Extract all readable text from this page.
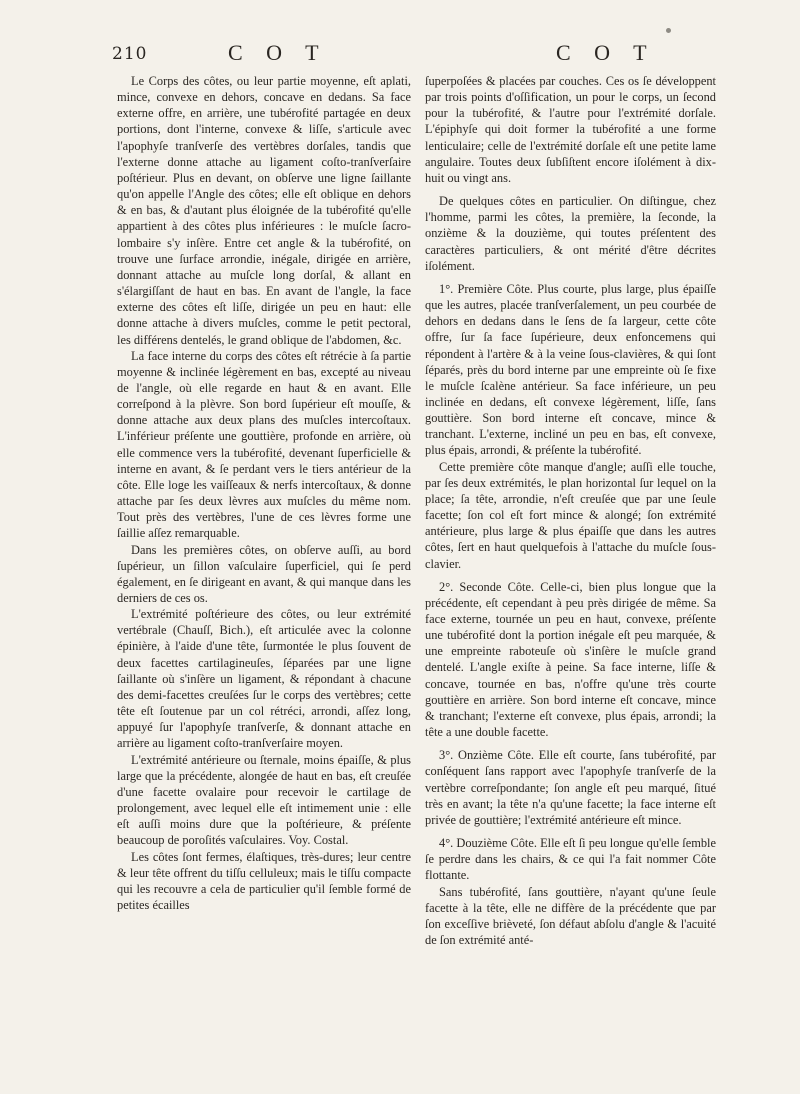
210	C O T	C O T

Le Corps des côtes, ou leur partie moyenne, eſt aplati, mince, convexe en dehors, concave en dedans. Sa face externe offre, en arrière, une tubérofité partagée en deux portions, dont l'interne, convexe & liſſe, s'articule avec l'apophyſe tranſverſe des vertèbres dorſales, tandis que l'externe donne attache au ligament coſto-tranſverſaire poſtérieur. Plus en devant, on obſerve une ligne ſaillante qu'on appelle l'Angle des côtes; elle eſt oblique en dehors & en bas, & d'autant plus éloignée de la tubérofité qu'elle appartient à des côtes plus inférieures : le muſcle ſacro-lombaire s'y inſère. Entre cet angle & la tubérofité, on trouve une ſurface arrondie, inégale, dirigée en arrière, donnant attache au muſcle long dorſal, & allant en s'élargiſſant de haut en bas. En avant de l'angle, la face externe des côtes eſt liſſe, dirigée un peu en haut: elle donne attache à divers muſcles, comme le petit pectoral, les différens dentelés, le grand oblique de l'abdomen, &c.

La face interne du corps des côtes eſt rétrécie à ſa partie moyenne & inclinée légèrement en bas, excepté au niveau de l'angle, où elle regarde en haut & en avant. Elle correſpond à la plèvre. Son bord ſupérieur eſt mouſſe, & donne attache aux deux plans des muſcles intercoſtaux. L'inférieur préſente une gouttière, profonde en arrière, où elle commence vers la tubérofité, devenant ſuperficielle & interne en avant, & ſe perdant vers le tiers antérieur de la côte. Elle loge les vaiſſeaux & nerfs intercoſtaux, & donne attache par ſes deux lèvres aux muſcles du même nom. Tout près des vertèbres, l'une de ces lèvres forme une ſaillie aſſez remarquable.

Dans les premières côtes, on obſerve auſſi, au bord ſupérieur, un ſillon vaſculaire ſuperficiel, qui ſe perd également, en ſe dirigeant en avant, & qui manque dans les derniers de ces os.

L'extrémité poſtérieure des côtes, ou leur extrémité vertébrale (Chauſſ, Bich.), eſt articulée avec la colonne épinière, à l'aide d'une tête, ſurmontée le plus ſouvent de deux facettes cartilagineuſes, ſéparées par une ligne ſaillante où s'inſère un ligament, & répondant à chacune des demi-facettes creuſées ſur le corps des vertèbres; cette tête eſt ſoutenue par un col rétréci, arrondi, aſſez long, appuyé ſur l'apophyſe tranſverſe, & donnant attache en arrière au ligament coſto-tranſverſaire moyen.

L'extrémité antérieure ou ſternale, moins épaiſſe, & plus large que la précédente, alongée de haut en bas, eſt creuſée d'une facette ovalaire pour recevoir le cartilage de prolongement, avec lequel elle eſt intimement unie : elle eſt auſſi moins dure que la poſtérieure, & préſente beaucoup de poroſités vaſculaires. Voy. Costal.

Les côtes ſont fermes, élaſtiques, très-dures; leur centre & leur tête offrent du tiſſu celluleux; mais le tiſſu compacte qui les recouvre a cela de particulier qu'il ſemble formé de petites écailles

ſuperpoſées & placées par couches. Ces os ſe développent par trois points d'oſſification, un pour le corps, un ſecond pour la tubérofité, & l'autre pour l'extrémité dorſale. L'épiphyſe qui doit former la tubérofité a une forme lenticulaire; celle de l'extrémité dorſale eſt une petite lame angulaire. Toutes deux ſubſiſtent encore iſolément à dix-huit ou vingt ans.

De quelques côtes en particulier. On diſtingue, chez l'homme, parmi les côtes, la première, la ſeconde, la onzième & la douzième, qui toutes préſentent des caractères particuliers, & ont mérité d'être décrites iſolément.

1°. Première Côte. Plus courte, plus large, plus épaiſſe que les autres, placée tranſverſalement, un peu courbée de dehors en dedans dans le ſens de ſa largeur, cette côte offre, ſur ſa face ſupérieure, deux enfoncemens qui répondent à l'artère & à la veine ſous-clavières, & qui ſont ſéparés, près du bord interne par une empreinte où ſe fixe le muſcle ſcalène antérieur. Sa face inférieure, un peu inclinée en dedans, eſt convexe légèrement, liſſe, ſans gouttière. Son bord interne eſt concave, mince & tranchant. L'externe, incliné un peu en bas, eſt convexe, plus épais, arrondi, & préſente la tubérofité.

Cette première côte manque d'angle; auſſi elle touche, par ſes deux extrémités, le plan horizontal ſur lequel on la place; ſa tête, arrondie, n'eſt creuſée que par une ſeule facette; ſon col eſt fort mince & alongé; ſon extrémité antérieure, plus large & plus épaiſſe que dans les autres côtes, ſert en haut quelquefois à l'attache du muſcle ſous-clavier.

2°. Seconde Côte. Celle-ci, bien plus longue que la précédente, eſt cependant à peu près dirigée de même. Sa face externe, tournée un peu en haut, convexe, préſente une tubérofité dont la portion inégale eſt peu marquée, & une empreinte raboteuſe où s'inſère le muſcle grand dentelé. L'angle exiſte à peine. Sa face interne, liſſe & concave, tournée en bas, n'offre qu'une très courte gouttière en arrière. Son bord interne eſt concave, mince & tranchant; l'externe eſt convexe, plus épais, arrondi; la tête a une double facette.

3°. Onzième Côte. Elle eſt courte, ſans tubérofité, par conſéquent ſans rapport avec l'apophyſe tranſverſe de la vertèbre correſpondante; ſon angle eſt peu marqué, ſitué très en avant; la tête n'a qu'une facette; la face interne eſt privée de gouttière; l'extrémité antérieure eſt mince.

4°. Douzième Côte. Elle eſt ſi peu longue qu'elle ſemble ſe perdre dans les chairs, & ce qui l'a fait nommer Côte flottante.

Sans tubérofité, ſans gouttière, n'ayant qu'une ſeule facette à la tête, elle ne diffère de la précédente que par ſon exceſſive brièveté, ſon défaut abſolu d'angle & l'acuité de ſon extrémité anté-
